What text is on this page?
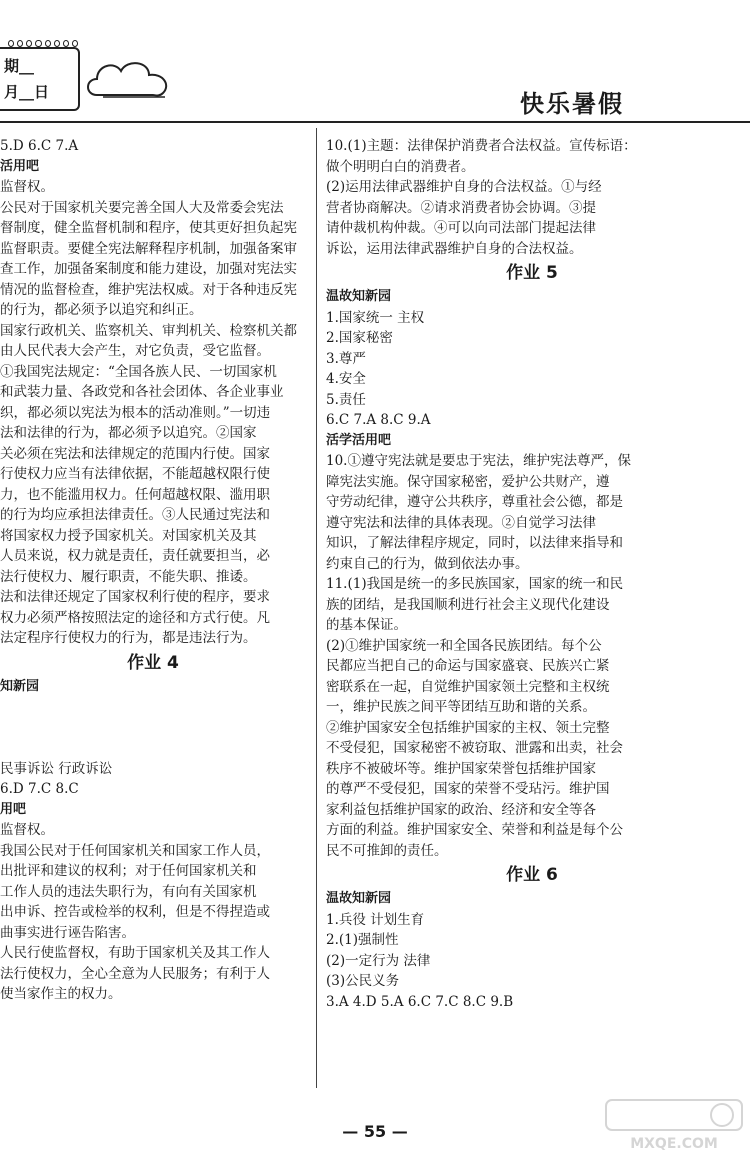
期__
月__日	快乐暑假
5.D 6.C 7.A
活用吧
监督权。
公民对于国家机关要完善全国人大及常委会宪法
督制度，健全监督机制和程序，使其更好担负起宪
监督职责。要健全宪法解释程序机制，加强备案审
查工作，加强备案制度和能力建设，加强对宪法实
情况的监督检查，维护宪法权威。对于各种违反宪
的行为，都必须予以追究和纠正。
国家行政机关、监察机关、审判机关、检察机关都
由人民代表大会产生，对它负责，受它监督。
①我国宪法规定：“全国各族人民、一切国家机
和武装力量、各政党和各社会团体、各企业事业
织，都必须以宪法为根本的活动准则。”一切违
法和法律的行为，都必须予以追究。②国家
关必须在宪法和法律规定的范围内行使。国家
行使权力应当有法律依据，不能超越权限行使
力，也不能滥用权力。任何超越权限、滥用职
的行为均应承担法律责任。③人民通过宪法和
将国家权力授予国家机关。对国家机关及其
人员来说，权力就是责任，责任就要担当，必
法行使权力、履行职责，不能失职、推诿。
法和法律还规定了国家权利行使的程序，要求
权力必须严格按照法定的途径和方式行使。凡
法定程序行使权力的行为，都是违法行为。
作业 4
知新园
民事诉讼 行政诉讼
6.D 7.C 8.C
用吧
监督权。
我国公民对于任何国家机关和国家工作人员，
出批评和建议的权利；对于任何国家机关和
工作人员的违法失职行为，有向有关国家机
出申诉、控告或检举的权利，但是不得捏造或
曲事实进行诬告陷害。
人民行使监督权，有助于国家机关及其工作人
法行使权力，全心全意为人民服务；有利于人
使当家作主的权力。
10.(1)主题：法律保护消费者合法权益。宣传标语：
做个明明白白的消费者。
(2)运用法律武器维护自身的合法权益。①与经
营者协商解决。②请求消费者协会协调。③提
请仲裁机构仲裁。④可以向司法部门提起法律
诉讼，运用法律武器维护自身的合法权益。
作业 5
温故知新园
1.国家统一 主权
2.国家秘密
3.尊严
4.安全
5.责任
6.C 7.A 8.C 9.A
活学活用吧
10.①遵守宪法就是要忠于宪法，维护宪法尊严，保
障宪法实施。保守国家秘密，爱护公共财产，遵
守劳动纪律，遵守公共秩序，尊重社会公德，都是
遵守宪法和法律的具体表现。②自觉学习法律
知识，了解法律程序规定，同时，以法律来指导和
约束自己的行为，做到依法办事。
11.(1)我国是统一的多民族国家，国家的统一和民
族的团结，是我国顺利进行社会主义现代化建设
的基本保证。
(2)①维护国家统一和全国各民族团结。每个公
民都应当把自己的命运与国家盛衰、民族兴亡紧
密联系在一起，自觉维护国家领土完整和主权统
一，维护民族之间平等团结互助和谐的关系。
②维护国家安全包括维护国家的主权、领土完整
不受侵犯，国家秘密不被窃取、泄露和出卖，社会
秩序不被破坏等。维护国家荣誉包括维护国家
的尊严不受侵犯，国家的荣誉不受玷污。维护国
家利益包括维护国家的政治、经济和安全等各
方面的利益。维护国家安全、荣誉和利益是每个公
民不可推卸的责任。
作业 6
温故知新园
1.兵役 计划生育
2.(1)强制性
(2)一定行为 法律
(3)公民义务
3.A 4.D 5.A 6.C 7.C 8.C 9.B
— 55 —
MXQE.COM
